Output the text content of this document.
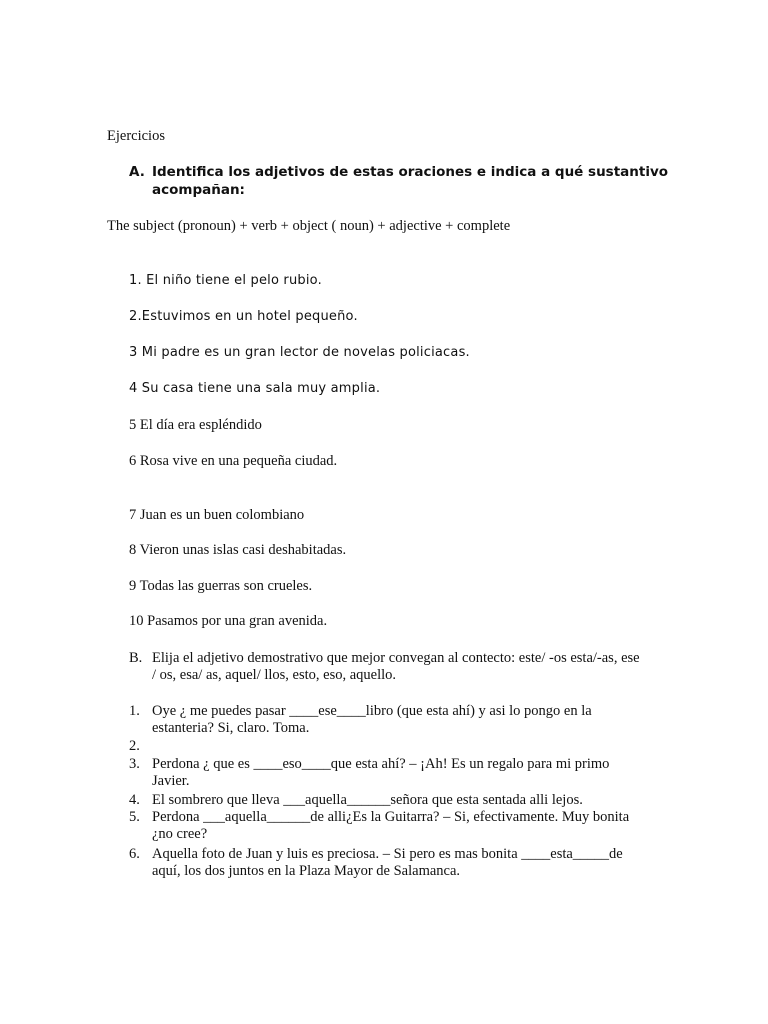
Ejercicios
A. Identifica los adjetivos de estas oraciones e indica a qué sustantivo
acompañan:
The subject (pronoun) + verb + object ( noun) + adjective + complete
1. El niño tiene el pelo rubio.
2.Estuvimos en un hotel pequeño.
3 Mi padre es un gran lector de novelas policiacas.
4 Su casa tiene una sala muy amplia.
5 El día era espléndido
6 Rosa vive en una pequeña ciudad.
7 Juan es un buen colombiano
8 Vieron unas islas casi deshabitadas.
9 Todas las guerras son crueles.
10 Pasamos por una gran avenida.
B. Elija el adjetivo demostrativo que mejor convegan al contecto: este/ -os esta/-as, ese
/ os, esa/ as, aquel/ llos, esto, eso, aquello.
1. Oye ¿ me puedes pasar ____ese____libro (que esta ahí) y asi lo pongo en la
estanteria? Si, claro. Toma.
2.
3. Perdona ¿ que es ____eso____que esta ahí? – ¡Ah! Es un regalo para mi primo
Javier.
4. El sombrero que lleva ___aquella______señora que esta sentada alli lejos.
5. Perdona ___aquella______de alli¿Es la Guitarra? – Si, efectivamente. Muy bonita
¿no cree?
6. Aquella foto de Juan y luis es preciosa. – Si pero es mas bonita ____esta_____de
aquí, los dos juntos en la Plaza Mayor de Salamanca.
